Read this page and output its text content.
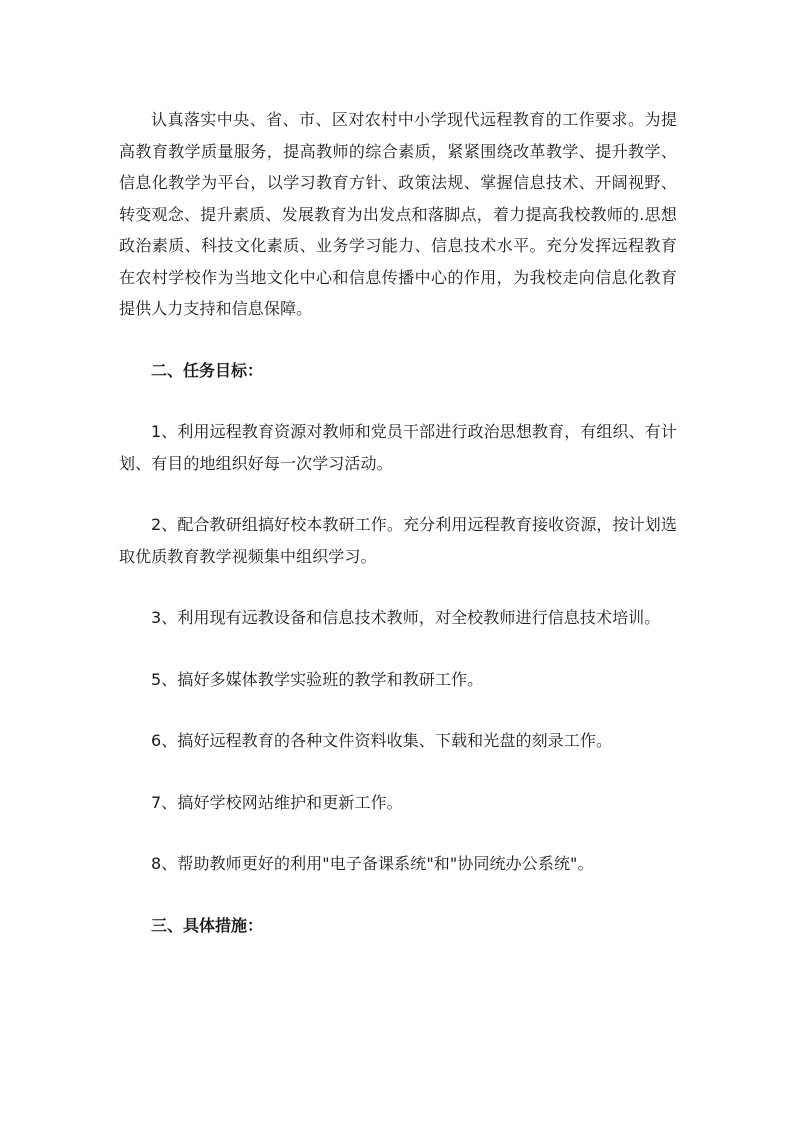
认真落实中央、省、市、区对农村中小学现代远程教育的工作要求。为提高教育教学质量服务，提高教师的综合素质，紧紧围绕改革教学、提升教学、信息化教学为平台，以学习教育方针、政策法规、掌握信息技术、开阔视野、转变观念、提升素质、发展教育为出发点和落脚点，着力提高我校教师的.思想政治素质、科技文化素质、业务学习能力、信息技术水平。充分发挥远程教育在农村学校作为当地文化中心和信息传播中心的作用，为我校走向信息化教育提供人力支持和信息保障。

二、任务目标：

1、利用远程教育资源对教师和党员干部进行政治思想教育，有组织、有计划、有目的地组织好每一次学习活动。

2、配合教研组搞好校本教研工作。充分利用远程教育接收资源，按计划选取优质教育教学视频集中组织学习。

3、利用现有远教设备和信息技术教师，对全校教师进行信息技术培训。

5、搞好多媒体教学实验班的教学和教研工作。

6、搞好远程教育的各种文件资料收集、下载和光盘的刻录工作。

7、搞好学校网站维护和更新工作。

8、帮助教师更好的利用"电子备课系统"和"协同统办公系统"。

三、具体措施：
